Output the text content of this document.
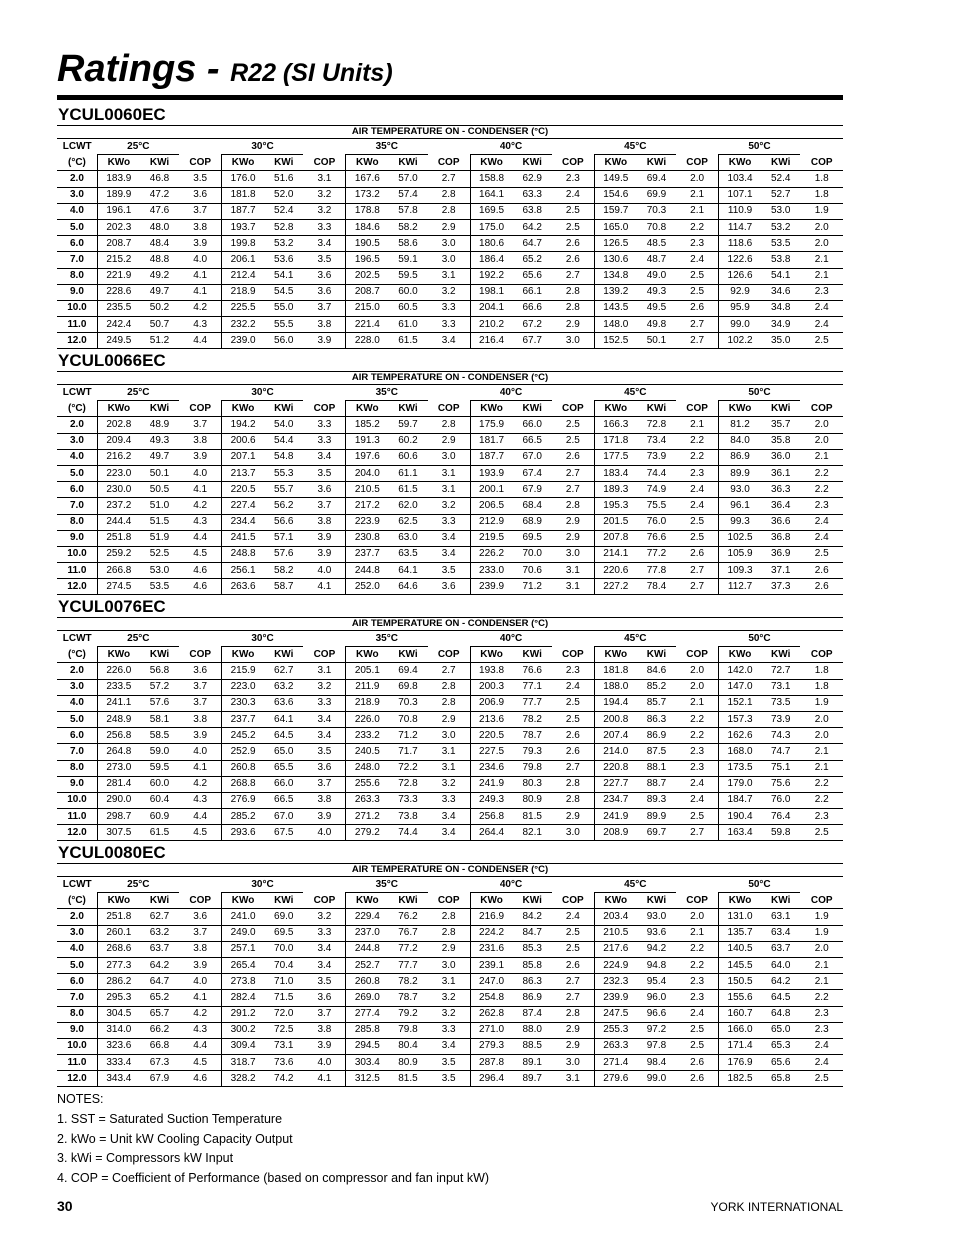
Ratings - R22 (SI Units)
YCUL0060EC
AIR TEMPERATURE ON - CONDENSER (°C)																		
LCWT	25°C			30°C			35°C			40°C			45°C			50°C		
(°C)	KWo	KWi	COP	KWo	KWi	COP	KWo	KWi	COP	KWo	KWi	COP	KWo	KWi	COP	KWo	KWi	COP
2.0	183.9	46.8	3.5	176.0	51.6	3.1	167.6	57.0	2.7	158.8	62.9	2.3	149.5	69.4	2.0	103.4	52.4	1.8
3.0	189.9	47.2	3.6	181.8	52.0	3.2	173.2	57.4	2.8	164.1	63.3	2.4	154.6	69.9	2.1	107.1	52.7	1.8
4.0	196.1	47.6	3.7	187.7	52.4	3.2	178.8	57.8	2.8	169.5	63.8	2.5	159.7	70.3	2.1	110.9	53.0	1.9
5.0	202.3	48.0	3.8	193.7	52.8	3.3	184.6	58.2	2.9	175.0	64.2	2.5	165.0	70.8	2.2	114.7	53.2	2.0
6.0	208.7	48.4	3.9	199.8	53.2	3.4	190.5	58.6	3.0	180.6	64.7	2.6	126.5	48.5	2.3	118.6	53.5	2.0
7.0	215.2	48.8	4.0	206.1	53.6	3.5	196.5	59.1	3.0	186.4	65.2	2.6	130.6	48.7	2.4	122.6	53.8	2.1
8.0	221.9	49.2	4.1	212.4	54.1	3.6	202.5	59.5	3.1	192.2	65.6	2.7	134.8	49.0	2.5	126.6	54.1	2.1
9.0	228.6	49.7	4.1	218.9	54.5	3.6	208.7	60.0	3.2	198.1	66.1	2.8	139.2	49.3	2.5	92.9	34.6	2.3
10.0	235.5	50.2	4.2	225.5	55.0	3.7	215.0	60.5	3.3	204.1	66.6	2.8	143.5	49.5	2.6	95.9	34.8	2.4
11.0	242.4	50.7	4.3	232.2	55.5	3.8	221.4	61.0	3.3	210.2	67.2	2.9	148.0	49.8	2.7	99.0	34.9	2.4
12.0	249.5	51.2	4.4	239.0	56.0	3.9	228.0	61.5	3.4	216.4	67.7	3.0	152.5	50.1	2.7	102.2	35.0	2.5
YCUL0066EC
AIR TEMPERATURE ON - CONDENSER (°C)																		
LCWT	25°C			30°C			35°C			40°C			45°C			50°C		
(°C)	KWo	KWi	COP	KWo	KWi	COP	KWo	KWi	COP	KWo	KWi	COP	KWo	KWi	COP	KWo	KWi	COP
2.0	202.8	48.9	3.7	194.2	54.0	3.3	185.2	59.7	2.8	175.9	66.0	2.5	166.3	72.8	2.1	81.2	35.7	2.0
3.0	209.4	49.3	3.8	200.6	54.4	3.3	191.3	60.2	2.9	181.7	66.5	2.5	171.8	73.4	2.2	84.0	35.8	2.0
4.0	216.2	49.7	3.9	207.1	54.8	3.4	197.6	60.6	3.0	187.7	67.0	2.6	177.5	73.9	2.2	86.9	36.0	2.1
5.0	223.0	50.1	4.0	213.7	55.3	3.5	204.0	61.1	3.1	193.9	67.4	2.7	183.4	74.4	2.3	89.9	36.1	2.2
6.0	230.0	50.5	4.1	220.5	55.7	3.6	210.5	61.5	3.1	200.1	67.9	2.7	189.3	74.9	2.4	93.0	36.3	2.2
7.0	237.2	51.0	4.2	227.4	56.2	3.7	217.2	62.0	3.2	206.5	68.4	2.8	195.3	75.5	2.4	96.1	36.4	2.3
8.0	244.4	51.5	4.3	234.4	56.6	3.8	223.9	62.5	3.3	212.9	68.9	2.9	201.5	76.0	2.5	99.3	36.6	2.4
9.0	251.8	51.9	4.4	241.5	57.1	3.9	230.8	63.0	3.4	219.5	69.5	2.9	207.8	76.6	2.5	102.5	36.8	2.4
10.0	259.2	52.5	4.5	248.8	57.6	3.9	237.7	63.5	3.4	226.2	70.0	3.0	214.1	77.2	2.6	105.9	36.9	2.5
11.0	266.8	53.0	4.6	256.1	58.2	4.0	244.8	64.1	3.5	233.0	70.6	3.1	220.6	77.8	2.7	109.3	37.1	2.6
12.0	274.5	53.5	4.6	263.6	58.7	4.1	252.0	64.6	3.6	239.9	71.2	3.1	227.2	78.4	2.7	112.7	37.3	2.6
YCUL0076EC
AIR TEMPERATURE ON - CONDENSER (°C)																		
LCWT	25°C			30°C			35°C			40°C			45°C			50°C		
(°C)	KWo	KWi	COP	KWo	KWi	COP	KWo	KWi	COP	KWo	KWi	COP	KWo	KWi	COP	KWo	KWi	COP
2.0	226.0	56.8	3.6	215.9	62.7	3.1	205.1	69.4	2.7	193.8	76.6	2.3	181.8	84.6	2.0	142.0	72.7	1.8
3.0	233.5	57.2	3.7	223.0	63.2	3.2	211.9	69.8	2.8	200.3	77.1	2.4	188.0	85.2	2.0	147.0	73.1	1.8
4.0	241.1	57.6	3.7	230.3	63.6	3.3	218.9	70.3	2.8	206.9	77.7	2.5	194.4	85.7	2.1	152.1	73.5	1.9
5.0	248.9	58.1	3.8	237.7	64.1	3.4	226.0	70.8	2.9	213.6	78.2	2.5	200.8	86.3	2.2	157.3	73.9	2.0
6.0	256.8	58.5	3.9	245.2	64.5	3.4	233.2	71.2	3.0	220.5	78.7	2.6	207.4	86.9	2.2	162.6	74.3	2.0
7.0	264.8	59.0	4.0	252.9	65.0	3.5	240.5	71.7	3.1	227.5	79.3	2.6	214.0	87.5	2.3	168.0	74.7	2.1
8.0	273.0	59.5	4.1	260.8	65.5	3.6	248.0	72.2	3.1	234.6	79.8	2.7	220.8	88.1	2.3	173.5	75.1	2.1
9.0	281.4	60.0	4.2	268.8	66.0	3.7	255.6	72.8	3.2	241.9	80.3	2.8	227.7	88.7	2.4	179.0	75.6	2.2
10.0	290.0	60.4	4.3	276.9	66.5	3.8	263.3	73.3	3.3	249.3	80.9	2.8	234.7	89.3	2.4	184.7	76.0	2.2
11.0	298.7	60.9	4.4	285.2	67.0	3.9	271.2	73.8	3.4	256.8	81.5	2.9	241.9	89.9	2.5	190.4	76.4	2.3
12.0	307.5	61.5	4.5	293.6	67.5	4.0	279.2	74.4	3.4	264.4	82.1	3.0	208.9	69.7	2.7	163.4	59.8	2.5
YCUL0080EC
AIR TEMPERATURE ON - CONDENSER (°C)																		
LCWT	25°C			30°C			35°C			40°C			45°C			50°C		
(°C)	KWo	KWi	COP	KWo	KWi	COP	KWo	KWi	COP	KWo	KWi	COP	KWo	KWi	COP	KWo	KWi	COP
2.0	251.8	62.7	3.6	241.0	69.0	3.2	229.4	76.2	2.8	216.9	84.2	2.4	203.4	93.0	2.0	131.0	63.1	1.9
3.0	260.1	63.2	3.7	249.0	69.5	3.3	237.0	76.7	2.8	224.2	84.7	2.5	210.5	93.6	2.1	135.7	63.4	1.9
4.0	268.6	63.7	3.8	257.1	70.0	3.4	244.8	77.2	2.9	231.6	85.3	2.5	217.6	94.2	2.2	140.5	63.7	2.0
5.0	277.3	64.2	3.9	265.4	70.4	3.4	252.7	77.7	3.0	239.1	85.8	2.6	224.9	94.8	2.2	145.5	64.0	2.1
6.0	286.2	64.7	4.0	273.8	71.0	3.5	260.8	78.2	3.1	247.0	86.3	2.7	232.3	95.4	2.3	150.5	64.2	2.1
7.0	295.3	65.2	4.1	282.4	71.5	3.6	269.0	78.7	3.2	254.8	86.9	2.7	239.9	96.0	2.3	155.6	64.5	2.2
8.0	304.5	65.7	4.2	291.2	72.0	3.7	277.4	79.2	3.2	262.8	87.4	2.8	247.5	96.6	2.4	160.7	64.8	2.3
9.0	314.0	66.2	4.3	300.2	72.5	3.8	285.8	79.8	3.3	271.0	88.0	2.9	255.3	97.2	2.5	166.0	65.0	2.3
10.0	323.6	66.8	4.4	309.4	73.1	3.9	294.5	80.4	3.4	279.3	88.5	2.9	263.3	97.8	2.5	171.4	65.3	2.4
11.0	333.4	67.3	4.5	318.7	73.6	4.0	303.4	80.9	3.5	287.8	89.1	3.0	271.4	98.4	2.6	176.9	65.6	2.4
12.0	343.4	67.9	4.6	328.2	74.2	4.1	312.5	81.5	3.5	296.4	89.7	3.1	279.6	99.0	2.6	182.5	65.8	2.5
NOTES:
1. SST = Saturated Suction Temperature
2. kWo = Unit kW Cooling Capacity Output
3. kWi = Compressors kW Input
4. COP = Coefficient of Performance (based on compressor and fan input kW)
30	YORK INTERNATIONAL
